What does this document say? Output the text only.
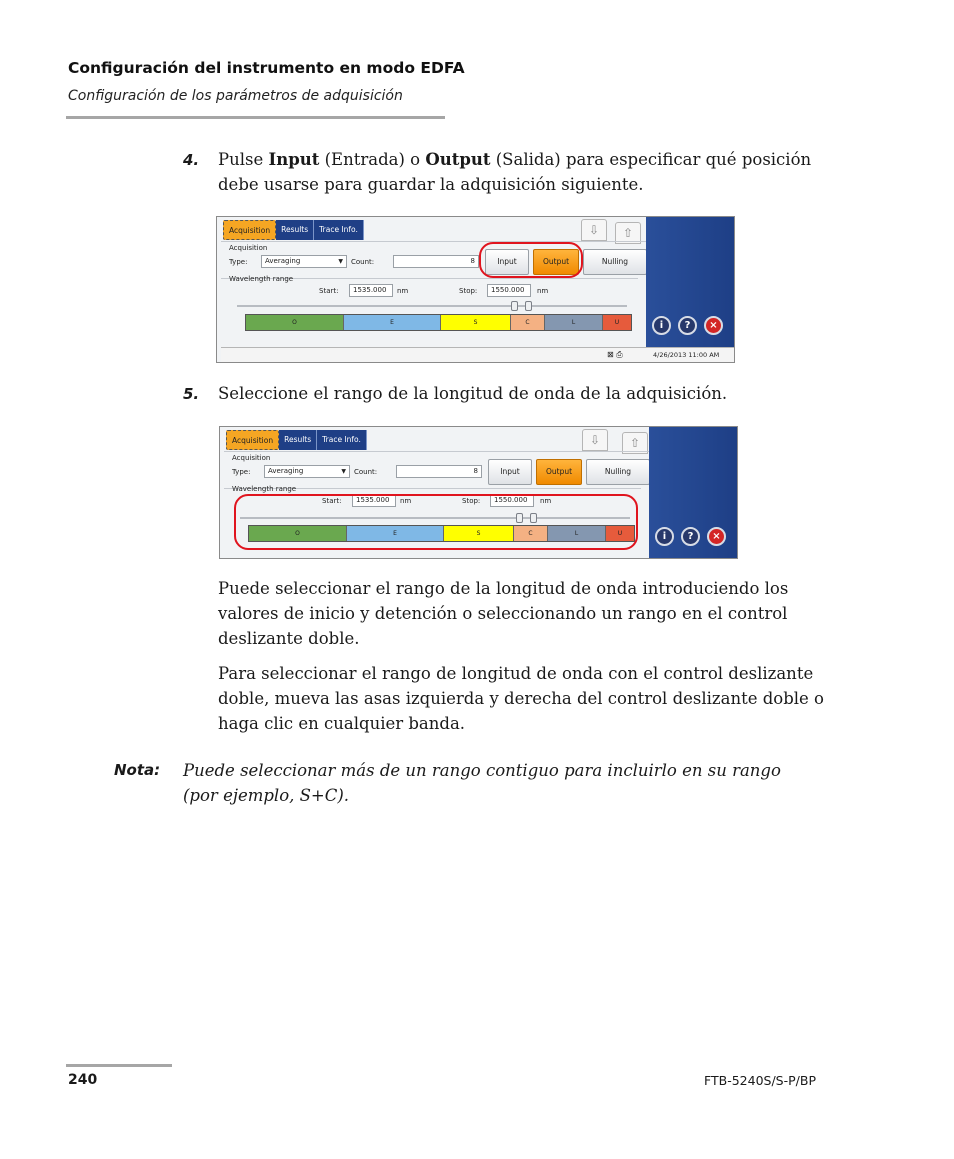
Configuración del instrumento en modo EDFA
Configuración de los parámetros de adquisición
4. Pulse Input (Entrada) o Output (Salida) para especificar qué posición debe usarse para guardar la adquisición siguiente.
Acquisition	Results	Trace Info.	⇩	⇧
Acquisition
Type:	Averaging	▼ Count:	8	Input	Output	Nulling
Wavelength range
Start:	1535.000	nm	Stop:	1550.000	nm
O	E	S	C	L	U	i	?	×
⊠ ⎙	4/26/2013 11:00 AM
5. Seleccione el rango de la longitud de onda de la adquisición.
Acquisition	Results	Trace Info.	⇩	⇧
Acquisition
Type:	Averaging	▼ Count:	8	Input	Output	Nulling
Wavelength range
Start:	1535.000	nm	Stop:	1550.000	nm
O	E	S	C	L	U	i	?	×
Puede seleccionar el rango de la longitud de onda introduciendo los valores de inicio y detención o seleccionando un rango en el control deslizante doble.
Para seleccionar el rango de longitud de onda con el control deslizante doble, mueva las asas izquierda y derecha del control deslizante doble o haga clic en cualquier banda.
Nota: Puede seleccionar más de un rango contiguo para incluirlo en su rango (por ejemplo, S+C).
240	FTB-5240S/S-P/BP
